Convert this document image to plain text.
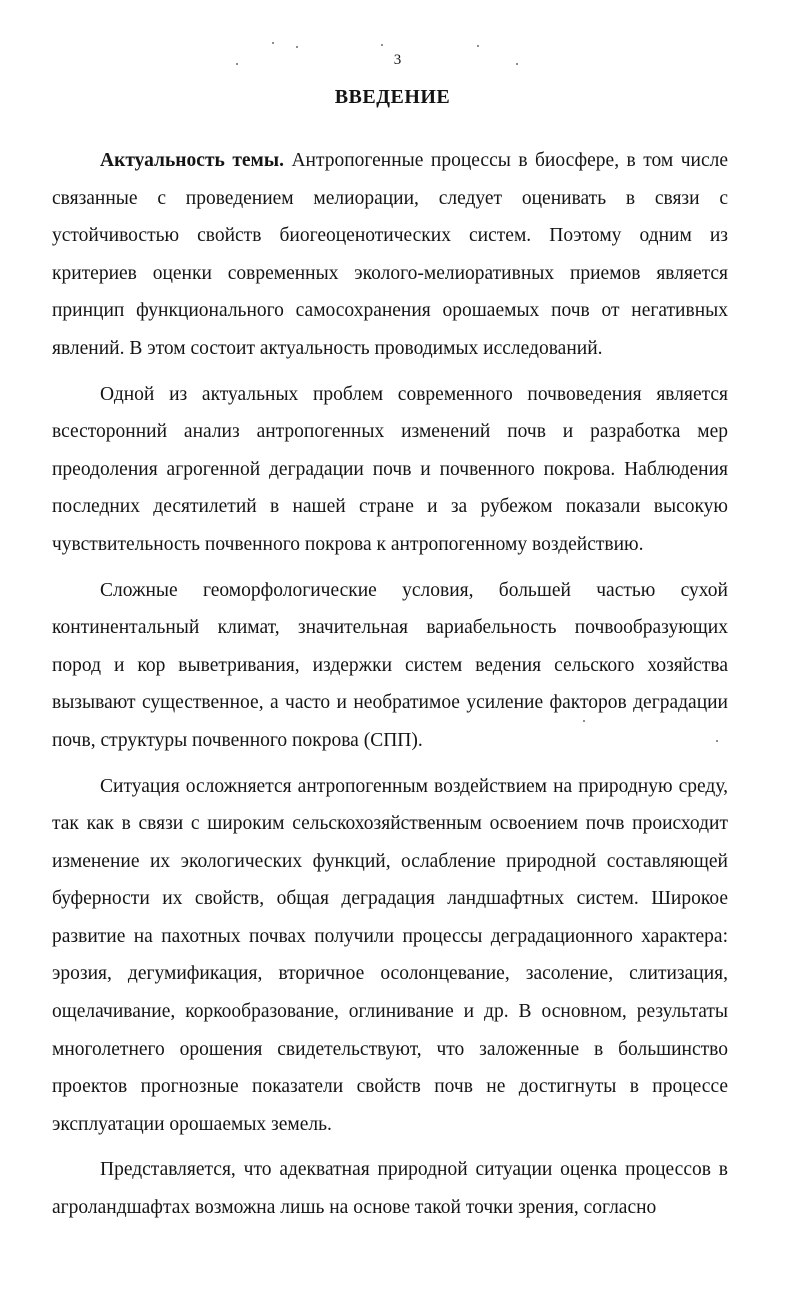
3
ВВЕДЕНИЕ

Актуальность темы. Антропогенные процессы в биосфере, в том числе связанные с проведением мелиорации, следует оценивать в связи с устойчивостью свойств биогеоценотических систем. Поэтому одним из критериев оценки современных эколого-мелиоративных приемов является принцип функционального самосохранения орошаемых почв от негативных явлений. В этом состоит актуальность проводимых исследований.

Одной из актуальных проблем современного почвоведения является всесторонний анализ антропогенных изменений почв и разработка мер преодоления агрогенной деградации почв и почвенного покрова. Наблюдения последних десятилетий в нашей стране и за рубежом показали высокую чувствительность почвенного покрова к антропогенному воздействию.

Сложные геоморфологические условия, большей частью сухой континентальный климат, значительная вариабельность почвообразующих пород и кор выветривания, издержки систем ведения сельского хозяйства вызывают существенное, а часто и необратимое усиление факторов деградации почв, структуры почвенного покрова (СПП).

Ситуация осложняется антропогенным воздействием на природную среду, так как в связи с широким сельскохозяйственным освоением почв происходит изменение их экологических функций, ослабление природной составляющей буферности их свойств, общая деградация ландшафтных систем. Широкое развитие на пахотных почвах получили процессы деградационного характера: эрозия, дегумификация, вторичное осолонцевание, засоление, слитизация, ощелачивание, коркообразование, оглинивание и др. В основном, результаты многолетнего орошения свидетельствуют, что заложенные в большинство проектов прогнозные показатели свойств почв не достигнуты в процессе эксплуатации орошаемых земель.

Представляется, что адекватная природной ситуации оценка процессов в агроландшафтах возможна лишь на основе такой точки зрения, согласно
